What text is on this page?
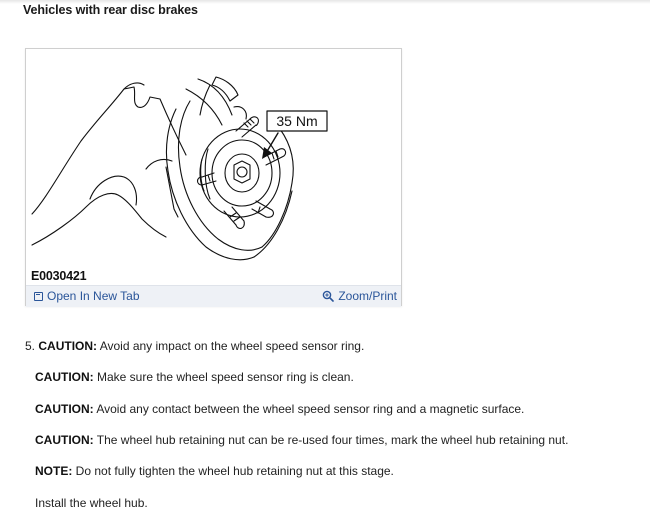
Vehicles with rear disc brakes
35 Nm
E0030421
Open In New Tab	Zoom/Print
5. CAUTION: Avoid any impact on the wheel speed sensor ring.
CAUTION: Make sure the wheel speed sensor ring is clean.
CAUTION: Avoid any contact between the wheel speed sensor ring and a magnetic surface.
CAUTION: The wheel hub retaining nut can be re-used four times, mark the wheel hub retaining nut.
NOTE: Do not fully tighten the wheel hub retaining nut at this stage.
Install the wheel hub.
